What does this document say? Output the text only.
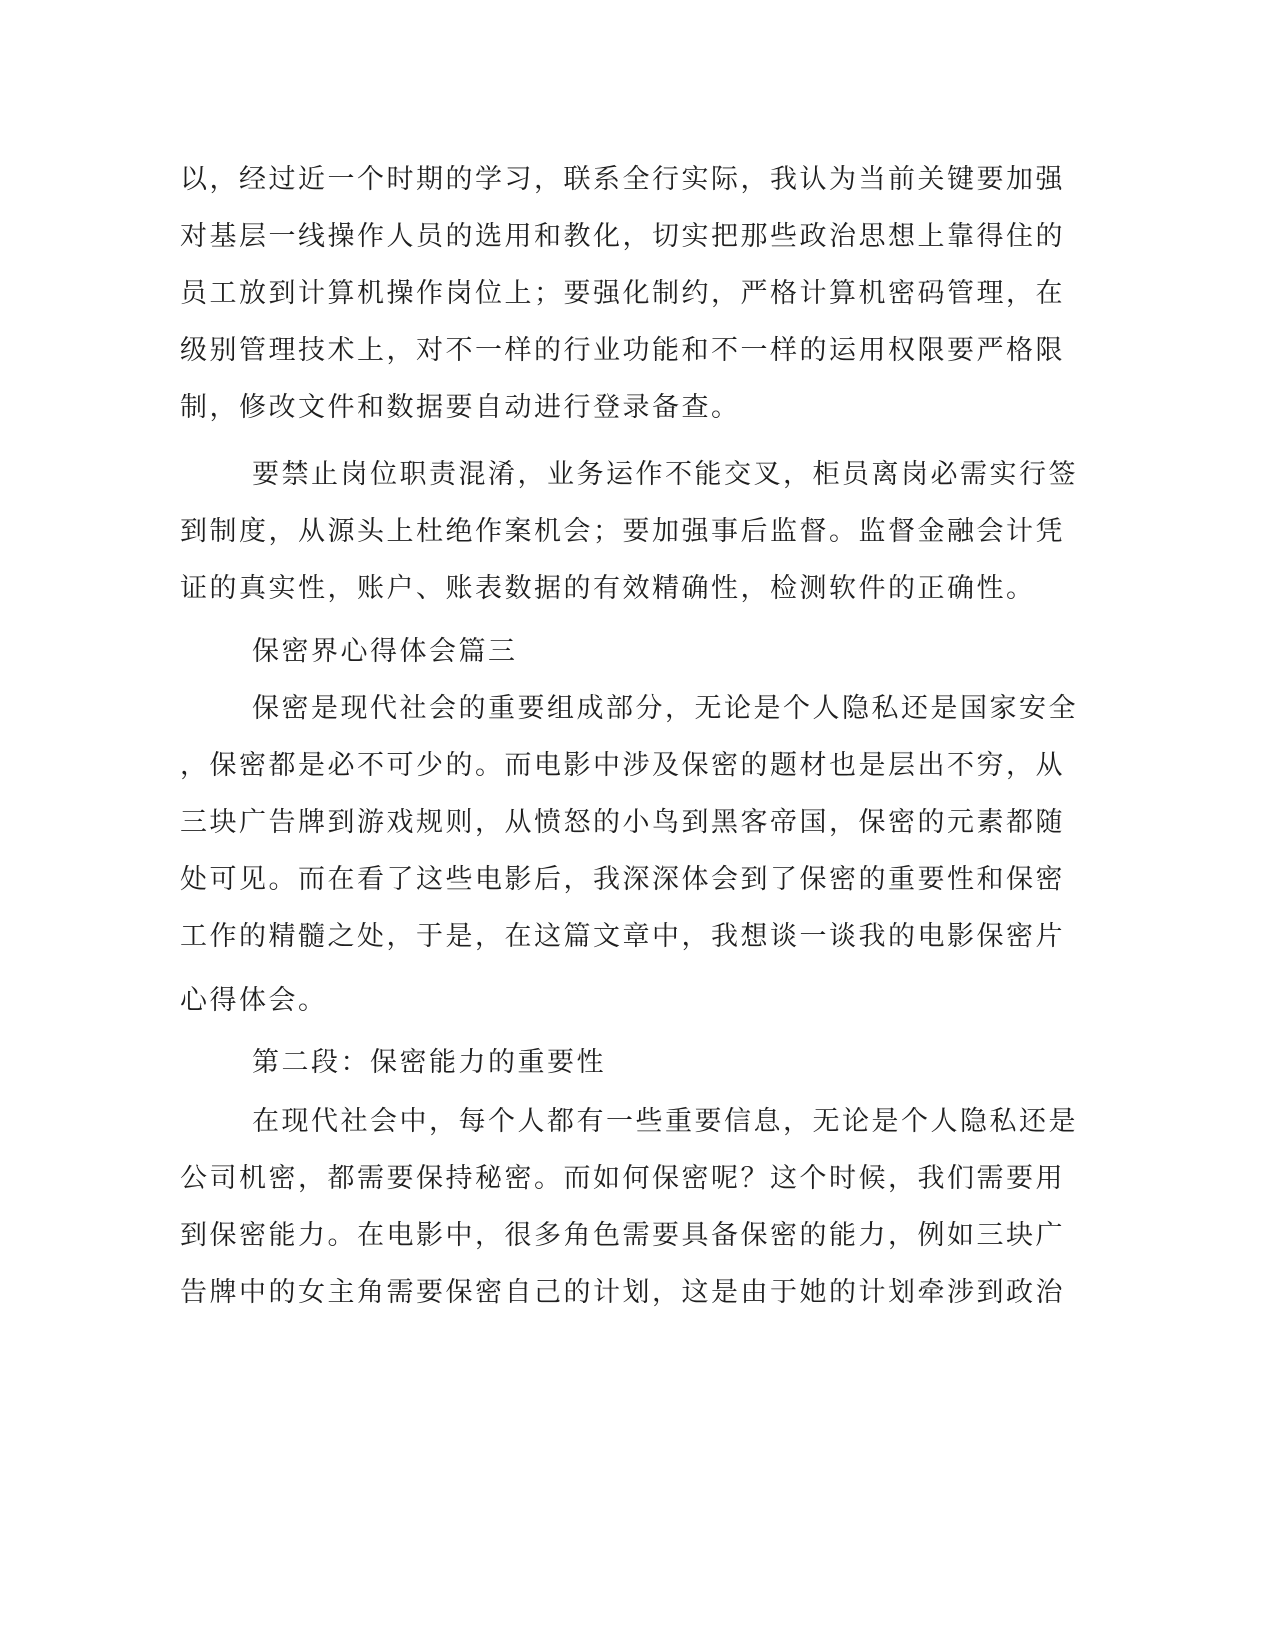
以，经过近一个时期的学习，联系全行实际，我认为当前关键要加强
对基层一线操作人员的选用和教化，切实把那些政治思想上靠得住的
员工放到计算机操作岗位上；要强化制约，严格计算机密码管理，在
级别管理技术上，对不一样的行业功能和不一样的运用权限要严格限
制，修改文件和数据要自动进行登录备查。
要禁止岗位职责混淆，业务运作不能交叉，柜员离岗必需实行签
到制度，从源头上杜绝作案机会；要加强事后监督。监督金融会计凭
证的真实性，账户、账表数据的有效精确性，检测软件的正确性。
保密界心得体会篇三
保密是现代社会的重要组成部分，无论是个人隐私还是国家安全
，保密都是必不可少的。而电影中涉及保密的题材也是层出不穷，从
三块广告牌到游戏规则，从愤怒的小鸟到黑客帝国，保密的元素都随
处可见。而在看了这些电影后，我深深体会到了保密的重要性和保密
工作的精髓之处，于是，在这篇文章中，我想谈一谈我的电影保密片
心得体会。
第二段：保密能力的重要性
在现代社会中，每个人都有一些重要信息，无论是个人隐私还是
公司机密，都需要保持秘密。而如何保密呢？这个时候，我们需要用
到保密能力。在电影中，很多角色需要具备保密的能力，例如三块广
告牌中的女主角需要保密自己的计划，这是由于她的计划牵涉到政治
